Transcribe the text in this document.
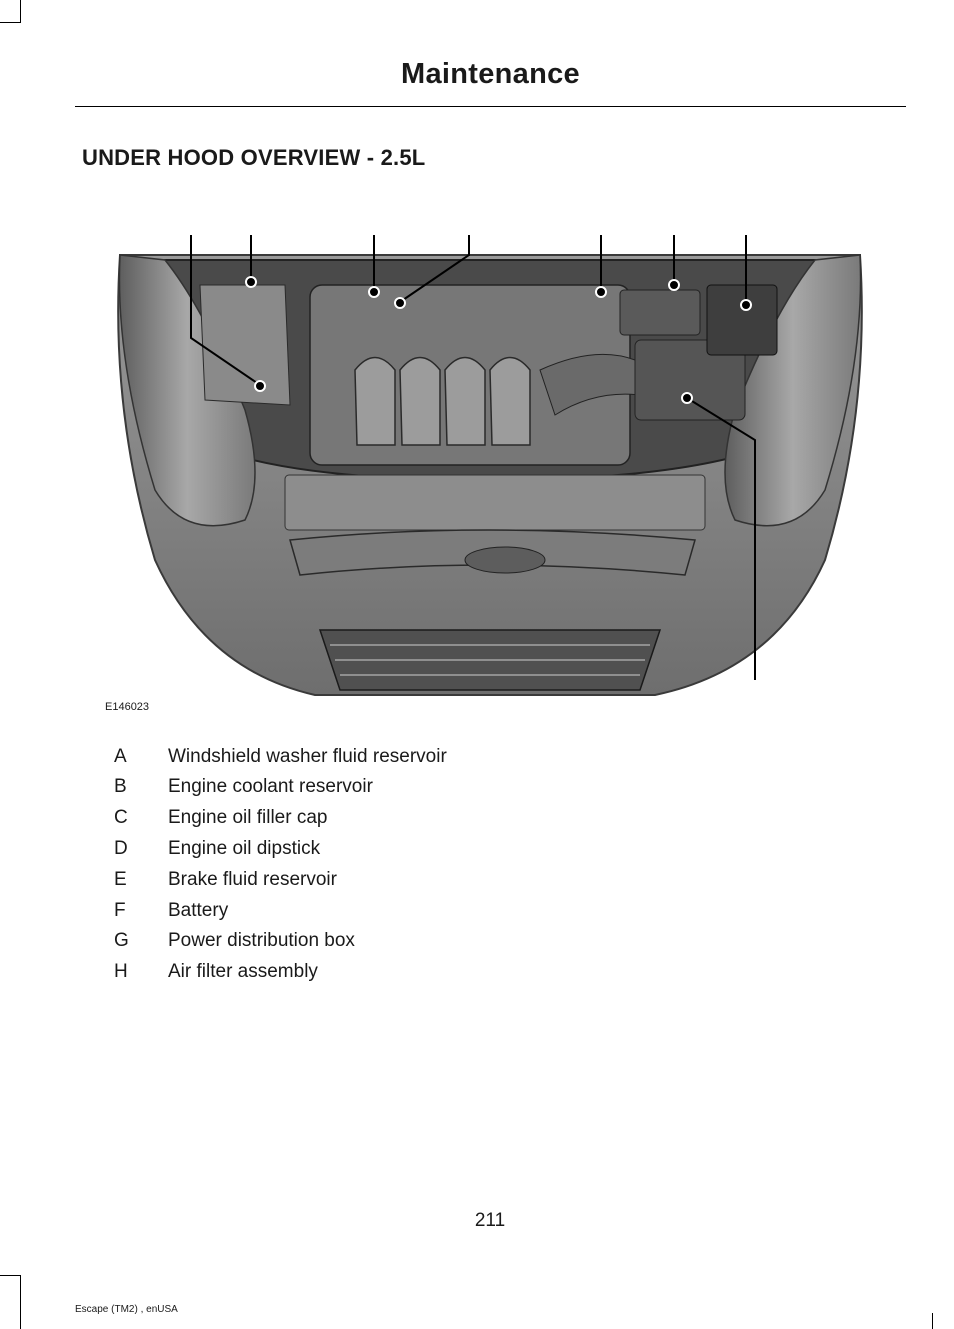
Maintenance
UNDER HOOD OVERVIEW - 2.5L
E146023
A	Windshield washer fluid reservoir
B	Engine coolant reservoir
C	Engine oil filler cap
D	Engine oil dipstick
E	Brake fluid reservoir
F	Battery
G Power distribution box
H	Air filter assembly
211
Escape (TM2) , enUSA
